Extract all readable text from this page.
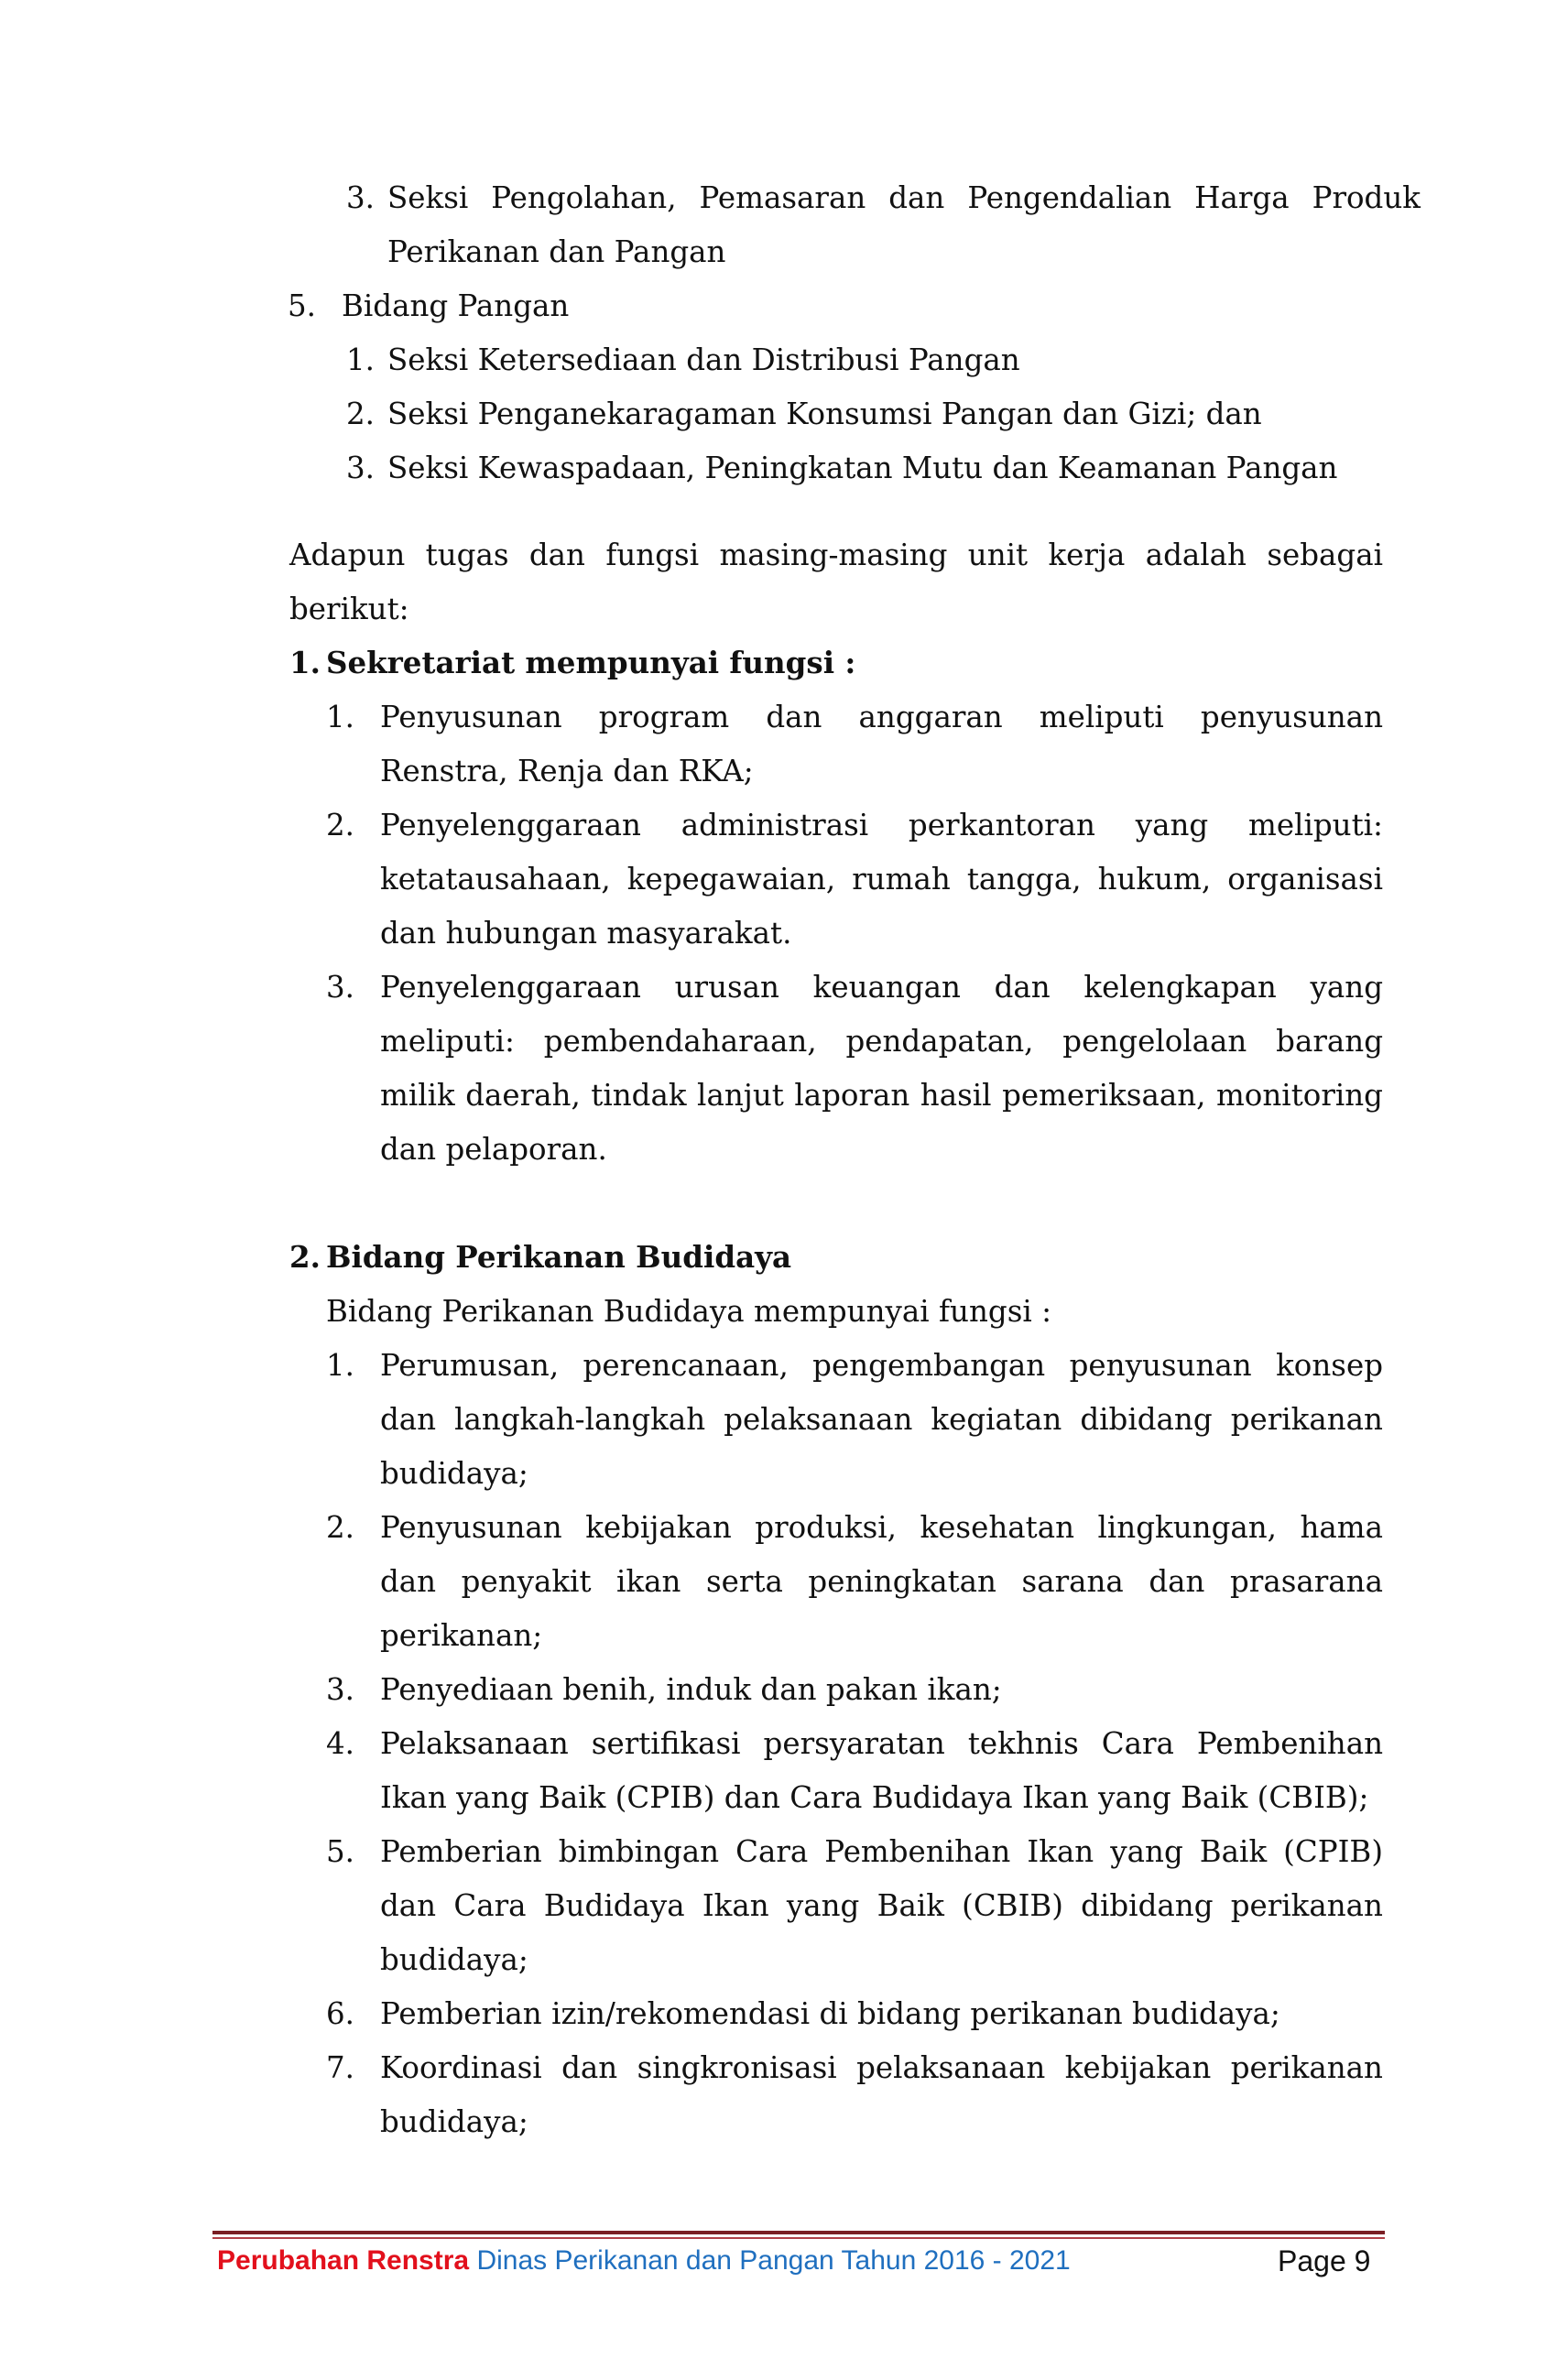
3. Seksi Pengolahan, Pemasaran dan Pengendalian Harga Produk
Perikanan dan Pangan
5. Bidang Pangan
1. Seksi Ketersediaan dan Distribusi Pangan
2. Seksi Penganekaragaman Konsumsi Pangan dan Gizi; dan
3. Seksi Kewaspadaan, Peningkatan Mutu dan Keamanan Pangan
Adapun tugas dan fungsi masing-masing unit kerja adalah sebagai
berikut:
1. Sekretariat mempunyai fungsi :
1. Penyusunan program dan anggaran meliputi penyusunan
Renstra, Renja dan RKA;
2. Penyelenggaraan administrasi perkantoran yang meliputi:
ketatausahaan, kepegawaian, rumah tangga, hukum, organisasi
dan hubungan masyarakat.
3. Penyelenggaraan urusan keuangan dan kelengkapan yang
meliputi: pembendaharaan, pendapatan, pengelolaan barang
milik daerah, tindak lanjut laporan hasil pemeriksaan, monitoring
dan pelaporan.
2. Bidang Perikanan Budidaya
Bidang Perikanan Budidaya mempunyai fungsi :
1. Perumusan, perencanaan, pengembangan penyusunan konsep
dan langkah-langkah pelaksanaan kegiatan dibidang perikanan
budidaya;
2. Penyusunan kebijakan produksi, kesehatan lingkungan, hama
dan penyakit ikan serta peningkatan sarana dan prasarana
perikanan;
3. Penyediaan benih, induk dan pakan ikan;
4. Pelaksanaan sertifikasi persyaratan tekhnis Cara Pembenihan
Ikan yang Baik (CPIB) dan Cara Budidaya Ikan yang Baik (CBIB);
5. Pemberian bimbingan Cara Pembenihan Ikan yang Baik (CPIB)
dan Cara Budidaya Ikan yang Baik (CBIB) dibidang perikanan
budidaya;
6. Pemberian izin/rekomendasi di bidang perikanan budidaya;
7. Koordinasi dan singkronisasi pelaksanaan kebijakan perikanan
budidaya;
Perubahan Renstra Dinas Perikanan dan Pangan Tahun 2016 - 2021	Page 9
